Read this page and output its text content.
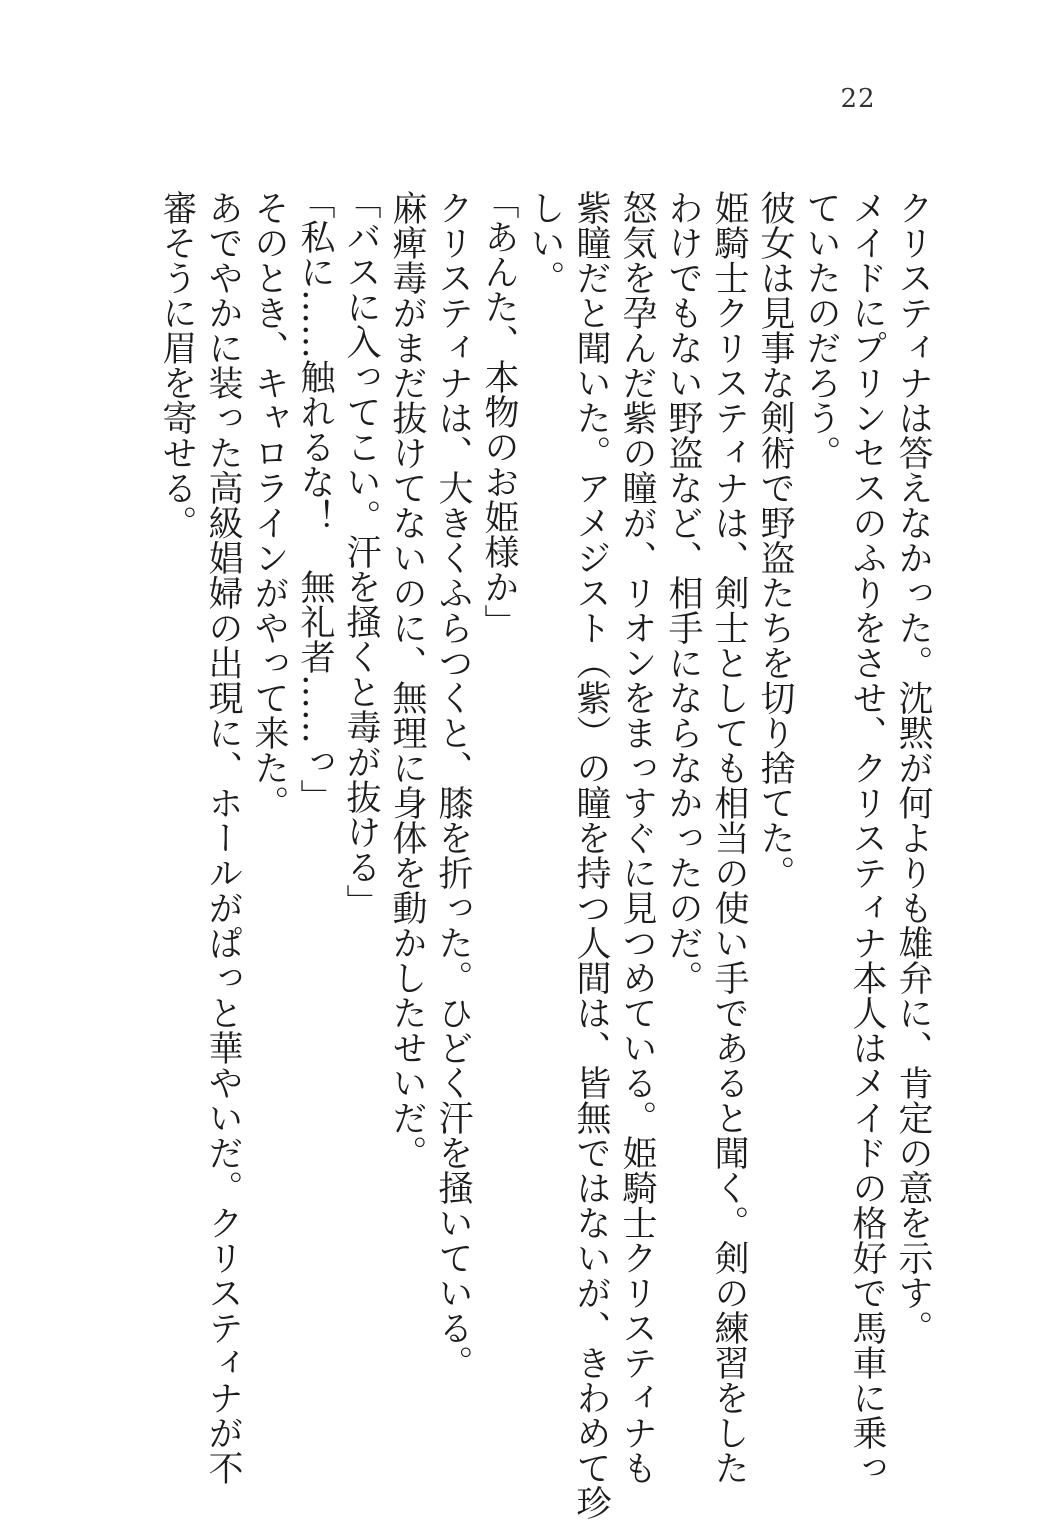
22
クリスティナは答えなかった。沈黙が何よりも雄弁に、肯定の意を示す。
メイドにプリンセスのふりをさせ、クリスティナ本人はメイドの格好で馬車に乗っ
ていたのだろう。
彼女は見事な剣術で野盗たちを切り捨てた。
姫騎士クリスティナは、剣士としても相当の使い手であると聞く。剣の練習をした
わけでもない野盗など、相手にならなかったのだ。
怒気を孕んだ紫の瞳が、リオンをまっすぐに見つめている。姫騎士クリスティナも
紫瞳だと聞いた。アメジスト（紫）の瞳を持つ人間は、皆無ではないが、きわめて珍
しい。
「あんた、本物のお姫様か」
クリスティナは、大きくふらつくと、膝を折った。ひどく汗を掻いている。
麻痺毒がまだ抜けてないのに、無理に身体を動かしたせいだ。
「バスに入ってこい。汗を掻くと毒が抜ける」
「私に……触れるな！　無礼者……っ」
そのとき、キャロラインがやって来た。
あでやかに装った高級娼婦の出現に、ホールがぱっと華やいだ。クリスティナが不
審そうに眉を寄せる。
